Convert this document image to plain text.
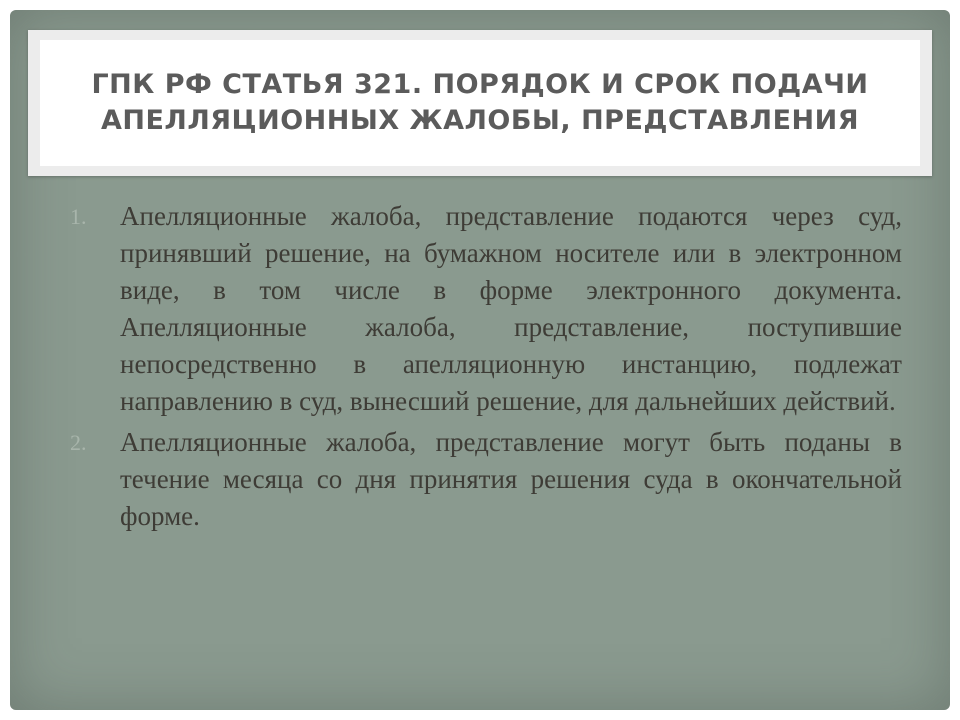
ГПК РФ СТАТЬЯ 321. ПОРЯДОК И СРОК ПОДАЧИ АПЕЛЛЯЦИОННЫХ ЖАЛОБЫ, ПРЕДСТАВЛЕНИЯ
1. Апелляционные жалоба, представление подаются через суд, принявший решение, на бумажном носителе или в электронном виде, в том числе в форме электронного документа. Апелляционные жалоба, представление, поступившие непосредственно в апелляционную инстанцию, подлежат направлению в суд, вынесший решение, для дальнейших действий.

2. Апелляционные жалоба, представление могут быть поданы в течение месяца со дня принятия решения суда в окончательной форме.
